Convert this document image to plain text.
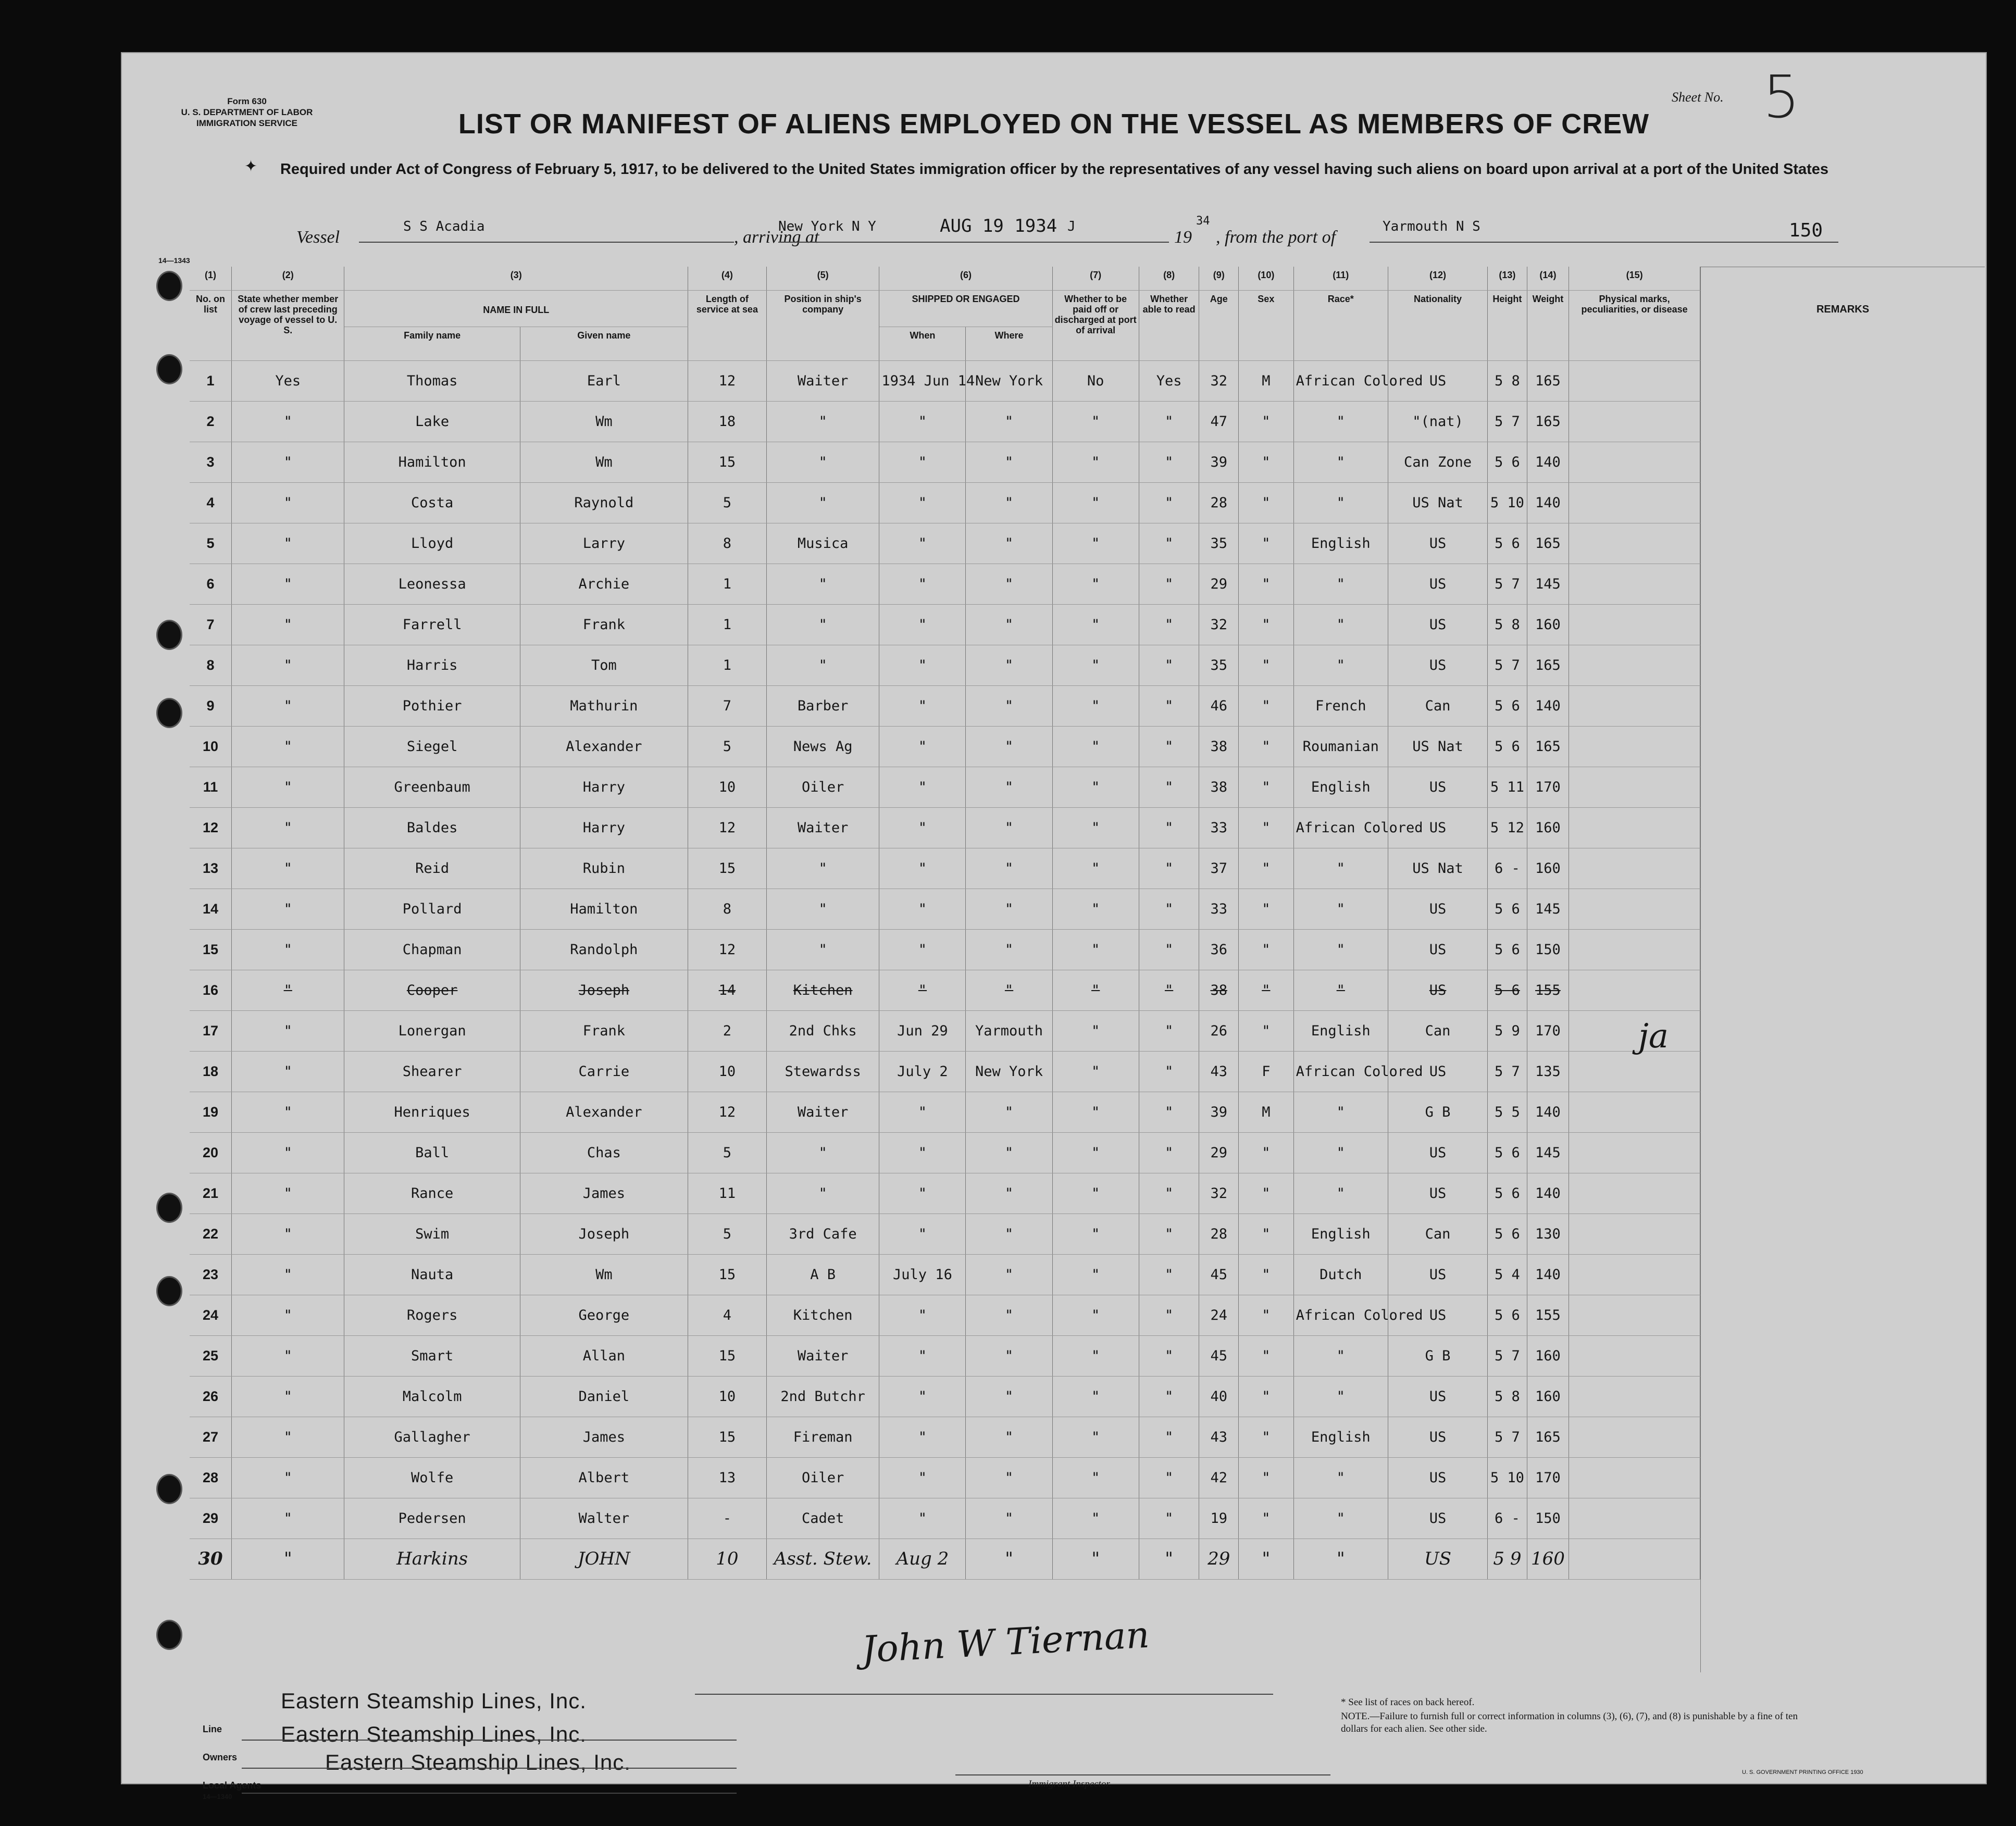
Form 630
U. S. DEPARTMENT OF LABOR
IMMIGRATION SERVICE
✦
Sheet No. 5
LIST OR MANIFEST OF ALIENS EMPLOYED ON THE VESSEL AS MEMBERS OF CREW
Required under Act of Congress of February 5, 1917, to be delivered to the United States immigration officer by the representatives of any vessel having such aliens on board upon arrival at a port of the United States
Vessel
S S Acadia
, arriving at
New York N Y	AUG 19 1934 J
19
34
, from the port of
Yarmouth N S	150
14—1343
(1)	(2)	(3)		(4)	(5)	(6)		(7)	(8)	(9)	(10)	(11)	(12)	(13)	(14)	(15)
No. on list	State whether member of crew last preceding voyage of vessel to U. S.	NAME IN FULL		Length of service at sea	Position in ship's company	SHIPPED OR ENGAGED		Whether to be paid off or discharged at port of arrival	Whether able to read	Age	Sex	Race*	Nationality	Height	Weight	Physical marks, peculiarities, or disease
		Family name	Given name			When	Where									
1	Yes	Thomas	Earl	12	Waiter	1934 Jun 14	New York	No	Yes	32	M	African Colored	US	5 8	165	
2	"	Lake	Wm	18	"	"	"	"	"	47	"	"	"(nat)	5 7	165	
3	"	Hamilton	Wm	15	"	"	"	"	"	39	"	"	Can Zone	5 6	140	
4	"	Costa	Raynold	5	"	"	"	"	"	28	"	"	US Nat	5 10	140	
5	"	Lloyd	Larry	8	Musica	"	"	"	"	35	"	English	US	5 6	165	
6	"	Leonessa	Archie	1	"	"	"	"	"	29	"	"	US	5 7	145	
7	"	Farrell	Frank	1	"	"	"	"	"	32	"	"	US	5 8	160	
8	"	Harris	Tom	1	"	"	"	"	"	35	"	"	US	5 7	165	
9	"	Pothier	Mathurin	7	Barber	"	"	"	"	46	"	French	Can	5 6	140	
10	"	Siegel	Alexander	5	News Ag	"	"	"	"	38	"	Roumanian	US Nat	5 6	165	
11	"	Greenbaum	Harry	10	Oiler	"	"	"	"	38	"	English	US	5 11	170	
12	"	Baldes	Harry	12	Waiter	"	"	"	"	33	"	African Colored	US	5 12	160	
13	"	Reid	Rubin	15	"	"	"	"	"	37	"	"	US Nat	6 -	160	
14	"	Pollard	Hamilton	8	"	"	"	"	"	33	"	"	US	5 6	145	
15	"	Chapman	Randolph	12	"	"	"	"	"	36	"	"	US	5 6	150	
16	"	Cooper	Joseph	14	Kitchen	"	"	"	"	38	"	"	US	5 6	155	
17	"	Lonergan	Frank	2	2nd Chks	Jun 29	Yarmouth	"	"	26	"	English	Can	5 9	170	
18	"	Shearer	Carrie	10	Stewardss	July 2	New York	"	"	43	F	African Colored	US	5 7	135	
19	"	Henriques	Alexander	12	Waiter	"	"	"	"	39	M	"	G B	5 5	140	
20	"	Ball	Chas	5	"	"	"	"	"	29	"	"	US	5 6	145	
21	"	Rance	James	11	"	"	"	"	"	32	"	"	US	5 6	140	
22	"	Swim	Joseph	5	3rd Cafe	"	"	"	"	28	"	English	Can	5 6	130	
23	"	Nauta	Wm	15	A B	July 16	"	"	"	45	"	Dutch	US	5 4	140	
24	"	Rogers	George	4	Kitchen	"	"	"	"	24	"	African Colored	US	5 6	155	
25	"	Smart	Allan	15	Waiter	"	"	"	"	45	"	"	G B	5 7	160	
26	"	Malcolm	Daniel	10	2nd Butchr	"	"	"	"	40	"	"	US	5 8	160	
27	"	Gallagher	James	15	Fireman	"	"	"	"	43	"	English	US	5 7	165	
28	"	Wolfe	Albert	13	Oiler	"	"	"	"	42	"	"	US	5 10	170	
29	"	Pedersen	Walter	-	Cadet	"	"	"	"	19	"	"	US	6 -	150	
30	"	Harkins	JOHN	10	Asst. Stew.	Aug 2	"	"	"	29	"	"	US	5 9	160	
REMARKS
ja
John W Tiernan
Line
Owners
Local Agents
14—1340
Eastern Steamship Lines, Inc.
Eastern Steamship Lines, Inc.
Eastern Steamship Lines, Inc.
Immigrant Inspector.
* See list of races on back hereof.
NOTE.—Failure to furnish full or correct information in columns (3), (6), (7), and (8) is punishable by a fine of ten dollars for each alien. See other side.
U. S. GOVERNMENT PRINTING OFFICE 1930
